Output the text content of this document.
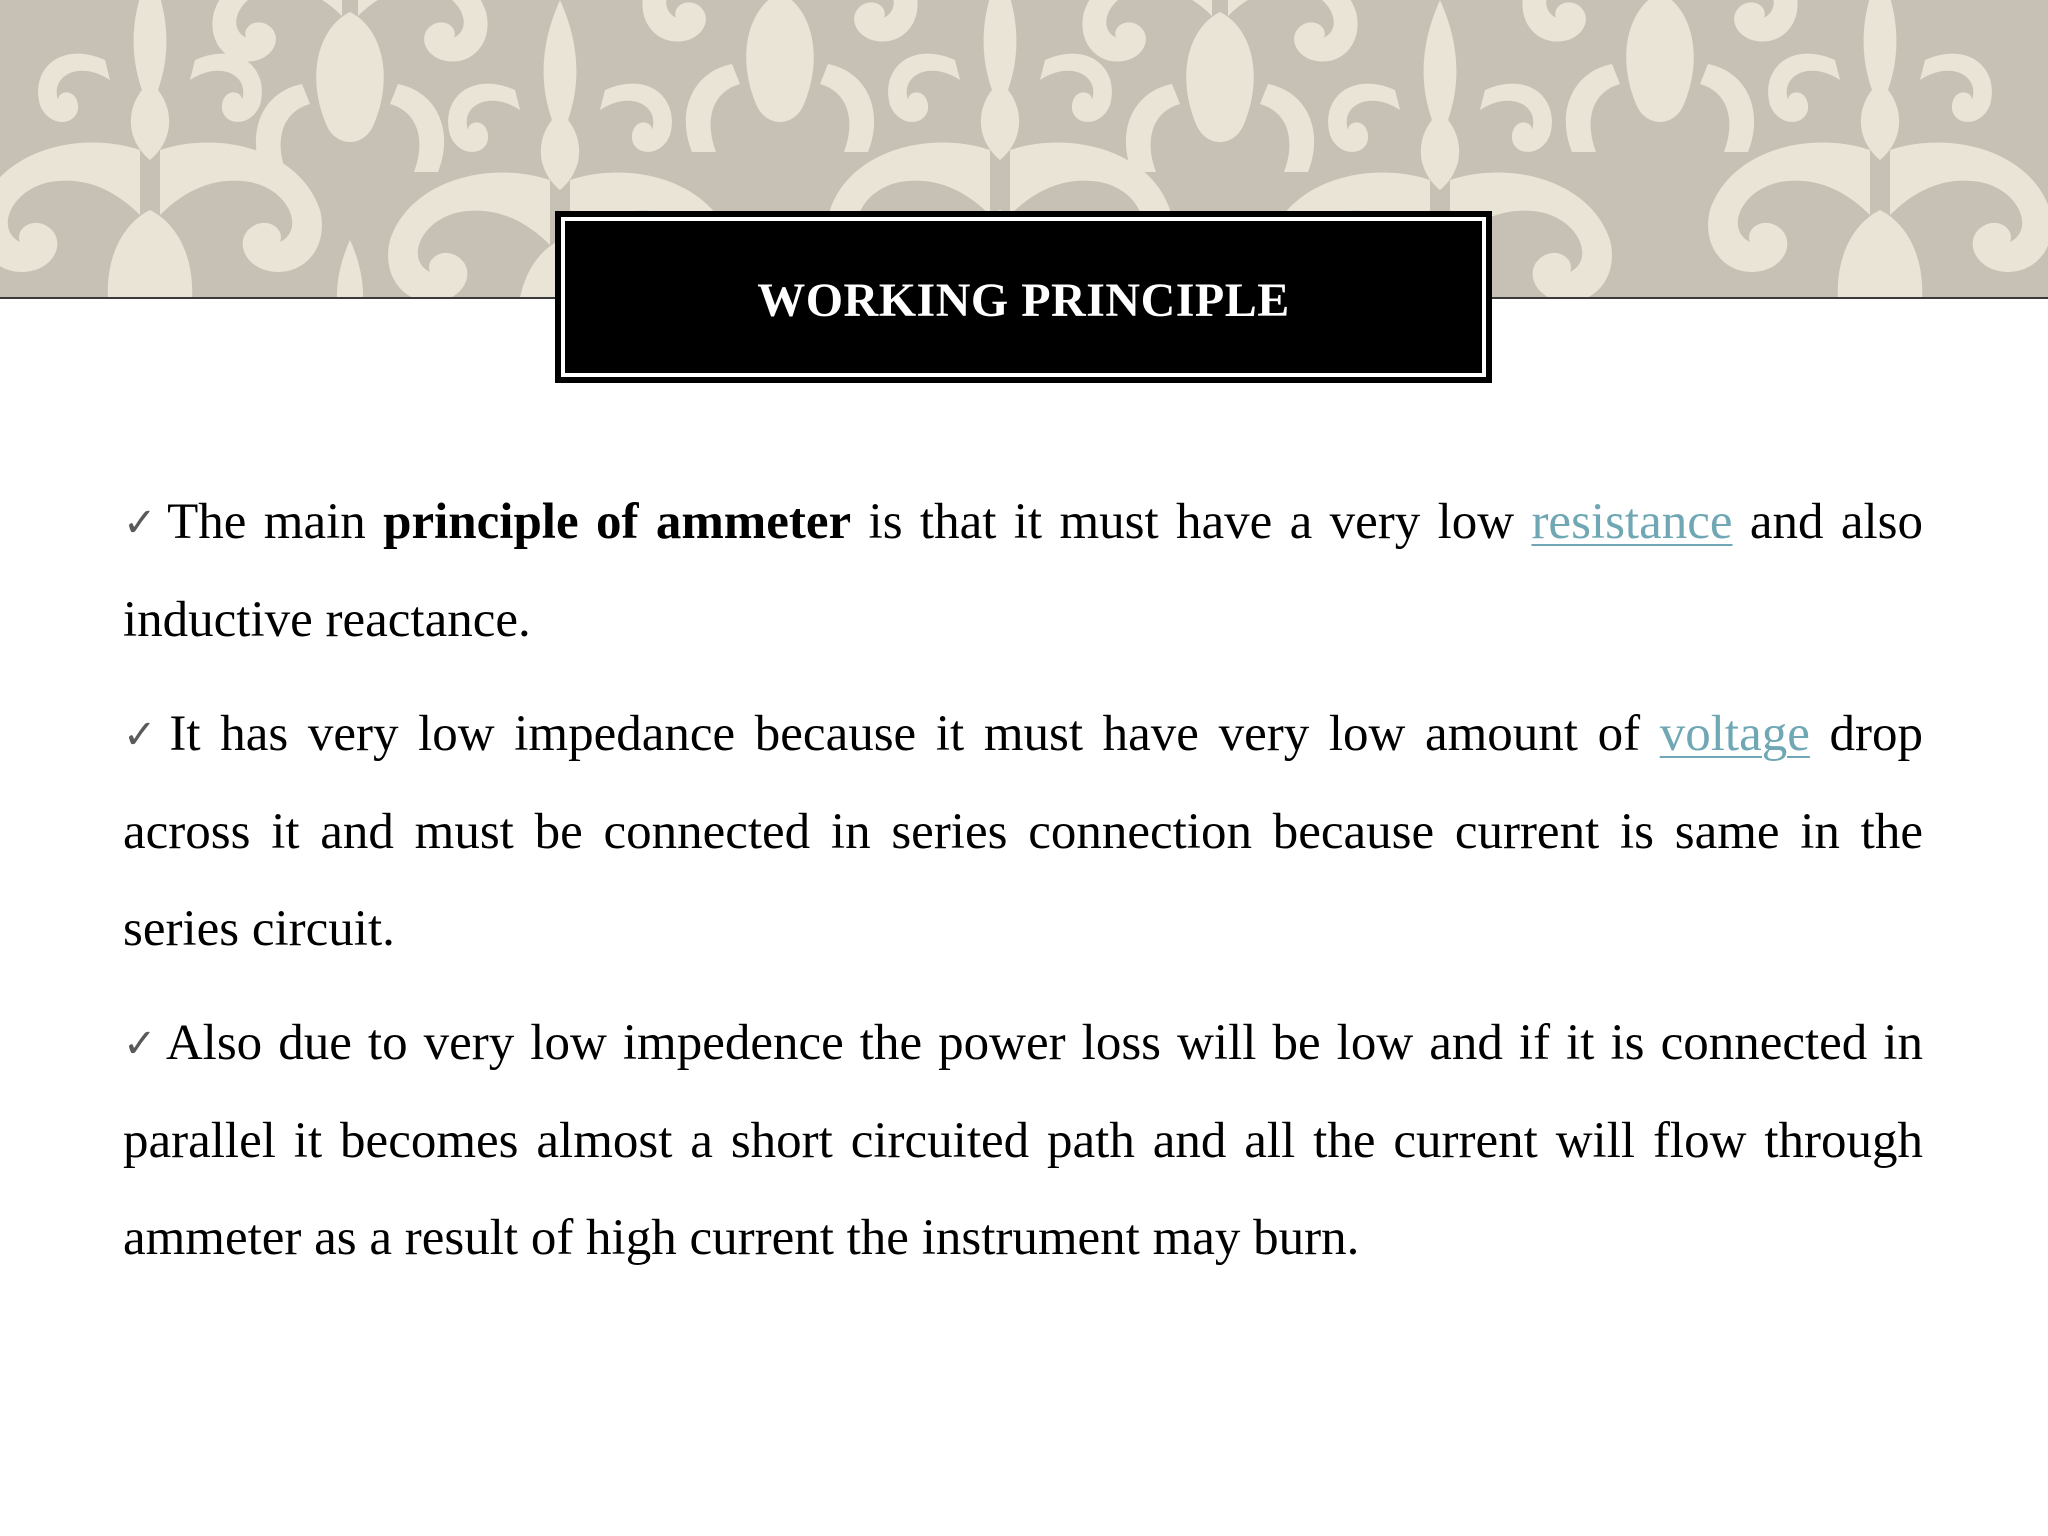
WORKING PRINCIPLE

✓ The main principle of ammeter is that it must have a very low resistance and also inductive reactance.

✓ It has very low impedance because it must have very low amount of voltage drop across it and must be connected in series connection because current is same in the series circuit.

✓ Also due to very low impedence the power loss will be low and if it is connected in parallel it becomes almost a short circuited path and all the current will flow through ammeter as a result of high current the instrument may burn.
